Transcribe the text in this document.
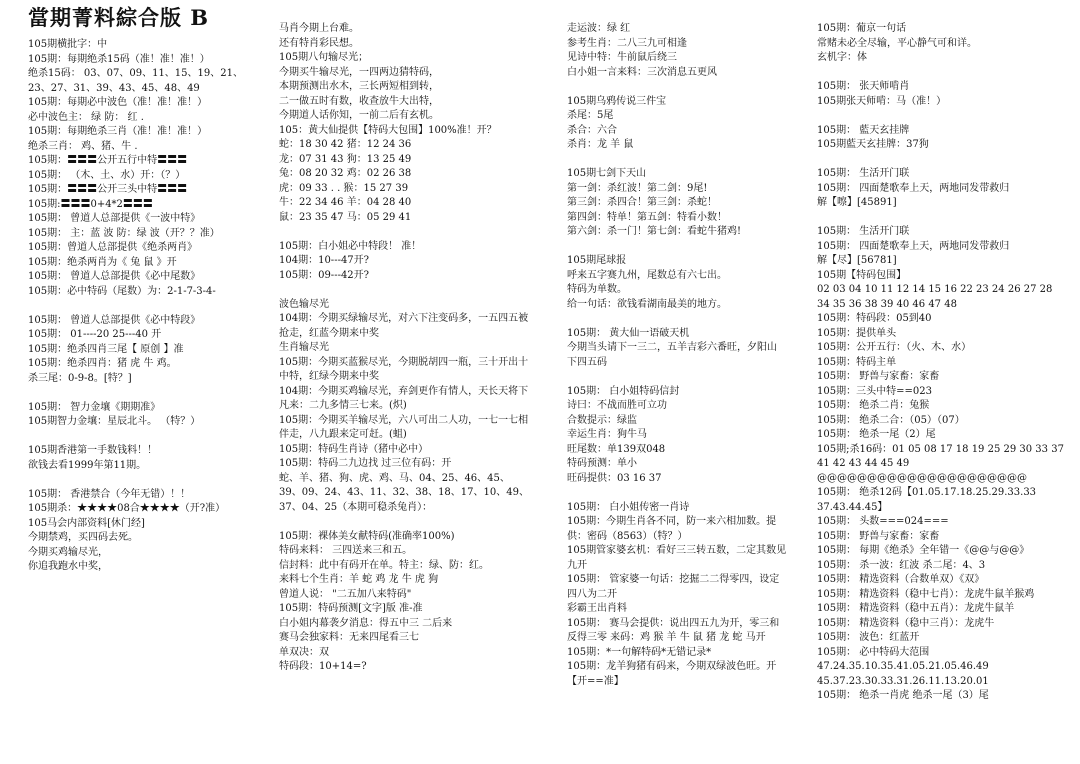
當期菁料綜合版 B
105期横批字：中
105期：每期绝杀15码（准！准！准！）
绝杀15码： 03、07、09、11、15、19、21、
23、27、31、39、43、45、48、49
105期：每期必中波色（准！准！准！）
必中波色主： 绿 防： 红 .
105期：每期绝杀三肖（准！准！准！）
绝杀三肖： 鸡、猪、牛 .
105期：〓〓〓公开五行中特〓〓〓
105期： （木、土、水）开：（？）
105期：〓〓〓公开三头中特〓〓〓
105期:〓〓〓0+4*2〓〓〓
105期： 曾道人总部提供《一波中特》
105期： 主：蓝 波 防：绿 波（开？？准）
105期：曾道人总部提供《绝杀两肖》
105期：绝杀两肖为《 兔 鼠 》开
105期： 曾道人总部提供《必中尾数》
105期：必中特码（尾数）为：2-1-7-3-4-
105期： 曾道人总部提供《必中特段》
105期： 01----20 25---40 开
105期：绝杀四肖三尾【 原创 】准
105期：绝杀四肖：猪 虎 牛 鸡。
杀三尾：0-9-8。[特？]
105期： 智力金壤《期期准》
105期智力金壤：星辰北斗。 （特？）
105期香港第一手数钱料！！
欲钱去看1999年第11期。
105期： 香港禁合（今年无错）！！
105期杀：★★★★08合★★★★（开?准）
105马会内部资料[休门经]
今期禁鸡，买四码去死。
今期买鸡输尽光，
你追我跑水中奖，
马肖今期上台难。
还有特肖彩民想。
105期八句输尽光；
今期买牛输尽光，一四两边猜特码，
本期预测出水木，三长两短相到转，
二一做五时有数，收查放牛大出特，
今期道人话你知，一前二后有玄机。
105：黄大仙提供【特码大包围】100%准！开？
蛇：18 30 42 猪：12 24 36
龙：07 31 43 狗：13 25 49
兔：08 20 32 鸡：02 26 38
虎：09 33 . . 猴：15 27 39
牛：22 34 46 羊：04 28 40
鼠：23 35 47 马：05 29 41
105期：白小姐必中特段！ 准！
104期：10---47开?
105期：09---42开?
波色输尽光
104期：今期买绿输尽光，对六下注变码多，一五四五被
抢走，红蓝今期来中奖
生肖输尽光
105期：今期买蓝猴尽光，今期脱胡四一瓶，三十开出十
中特，红绿今期来中奖
104期：今期买鸡输尽光，弃剑更作有情人，天长天将下
凡来：二九多情三七来。(炽)
105期：今期买羊输尽光，六八可出二人功，一七一七相
伴走，八九跟来定可赶。(蛆)
105期：特码生肖诗（猪中必中）
105期：特码二九边找 过三位有码：开
蛇、羊、猪、狗、虎、鸡、马、04、25、46、45、
39、09、24、43、11、32、38、18、17、10、49、
37、04、25（本期可稳杀兔肖）：
105期：裸体美女献特码(准确率100%)
特码来料： 三四送来三和五。
信封料：此中有码开在单。特主：绿、防：红。
来料七个生肖：羊 蛇 鸡 龙 牛 虎 狗
曾道人说： "二五加八来特码"
105期：特码预测[文字]版 准-准
白小姐内幕袭夕消息：得五中三 二后来
赛马会独家料：无来四尾看三七
单双决：双
特码段：10+14=?
走运波：绿 红
参考生肖：二八三九可相逢
见诗中特：牛前鼠后绕三
白小姐一言来料：三次消息五更风
105期乌鸦传说三件宝
杀尾：5尾
杀合：六合
杀肖：龙 羊 鼠
105期七剑下天山
第一剑：杀红波！第二剑：9尾!
第三剑：杀四合！第三剑：杀蛇！
第四剑：特单！第五剑：特看小数！
第六剑：杀一门！第七剑：看蛇牛猪鸡!
105期尾球报
呼来五字赛九州，尾数总有六七出。
特码为单数。
给一句话：欲钱看湖南最美的地方。
105期： 黄大仙一语破天机
今期当头请下一三二，五羊吉彩六番旺，夕阳山
下四五码
105期： 白小姐特码信封
诗曰：不战而胜可立功
合数提示：绿监
幸运生肖：狗牛马
旺尾数：单139双048
特码预测：单小
旺码提供：03 16 37
105期： 白小姐传密一肖诗
105期：今期生肖各不同，防一来六相加数。提
供：密码（8563）（特？）
105期管家婆玄机：看好三三转五数，二定其数见
九开
105期： 管家婆一句话：挖掘二二得零四，设定
四八为二开
彩霸王出肖料
105期： 赛马会提供：说出四五九为开，零三和
反得三零 来码：鸡 猴 羊 牛 鼠 猪 龙 蛇 马开
105期：*一句解特码*无错记录*
105期：龙羊狗猪有码来，今期双绿波色旺。开
【开==准】
105期：葡京一句话
常赌未必全尽输，平心静气可和详。
玄机字：体
105期： 张天师啃肖
105期张天师啃：马（准！）
105期： 藍天玄挂牌
105期藍天玄挂牌：37狗
105期： 生活开门联
105期： 四面楚歌奉上天，两地同发带救归
解【嚓】[45891]
105期： 生活开门联
105期： 四面楚歌奉上天，两地同发带救归
解【尽】[56781]
105期【特码包围】
02 03 04 10 11 12 14 15 16 22 23 24 26 27 28
34 35 36 38 39 40 46 47 48
105期：特码段：05到40
105期：提供单头
105期：公开五行：（火、木、水）
105期：特码主单
105期： 野兽与家畜：家畜
105期：三头中特==023
105期： 绝杀二肖：兔猴
105期： 绝杀二合：（05）（07）
105期： 绝杀一尾（2）尾
105期;杀16码：01 05 08 17 18 19 25 29 30 33 37
41 42 43 44 45 49
@@@@@@@@@@@@@@@@@@@@@
105期： 绝杀12码【01.05.17.18.25.29.33.33
37.43.44.45】
105期： 头数===024===
105期： 野兽与家畜：家畜
105期： 每期《绝杀》全年错一《@@与@@》
105期： 杀一波：红波 杀二尾：4、3
105期： 精选资料（合数单双）《双》
105期： 精选资料（稳中七肖）：龙虎牛鼠羊猴鸡
105期： 精选资料（稳中五肖）：龙虎牛鼠羊
105期： 精选资料（稳中三肖）：龙虎牛
105期： 波色：红蓝开
105期： 必中特码大范围
47.24.35.10.35.41.05.21.05.46.49
45.37.23.30.33.31.26.11.13.20.01
105期： 绝杀一肖虎 绝杀一尾（3）尾
